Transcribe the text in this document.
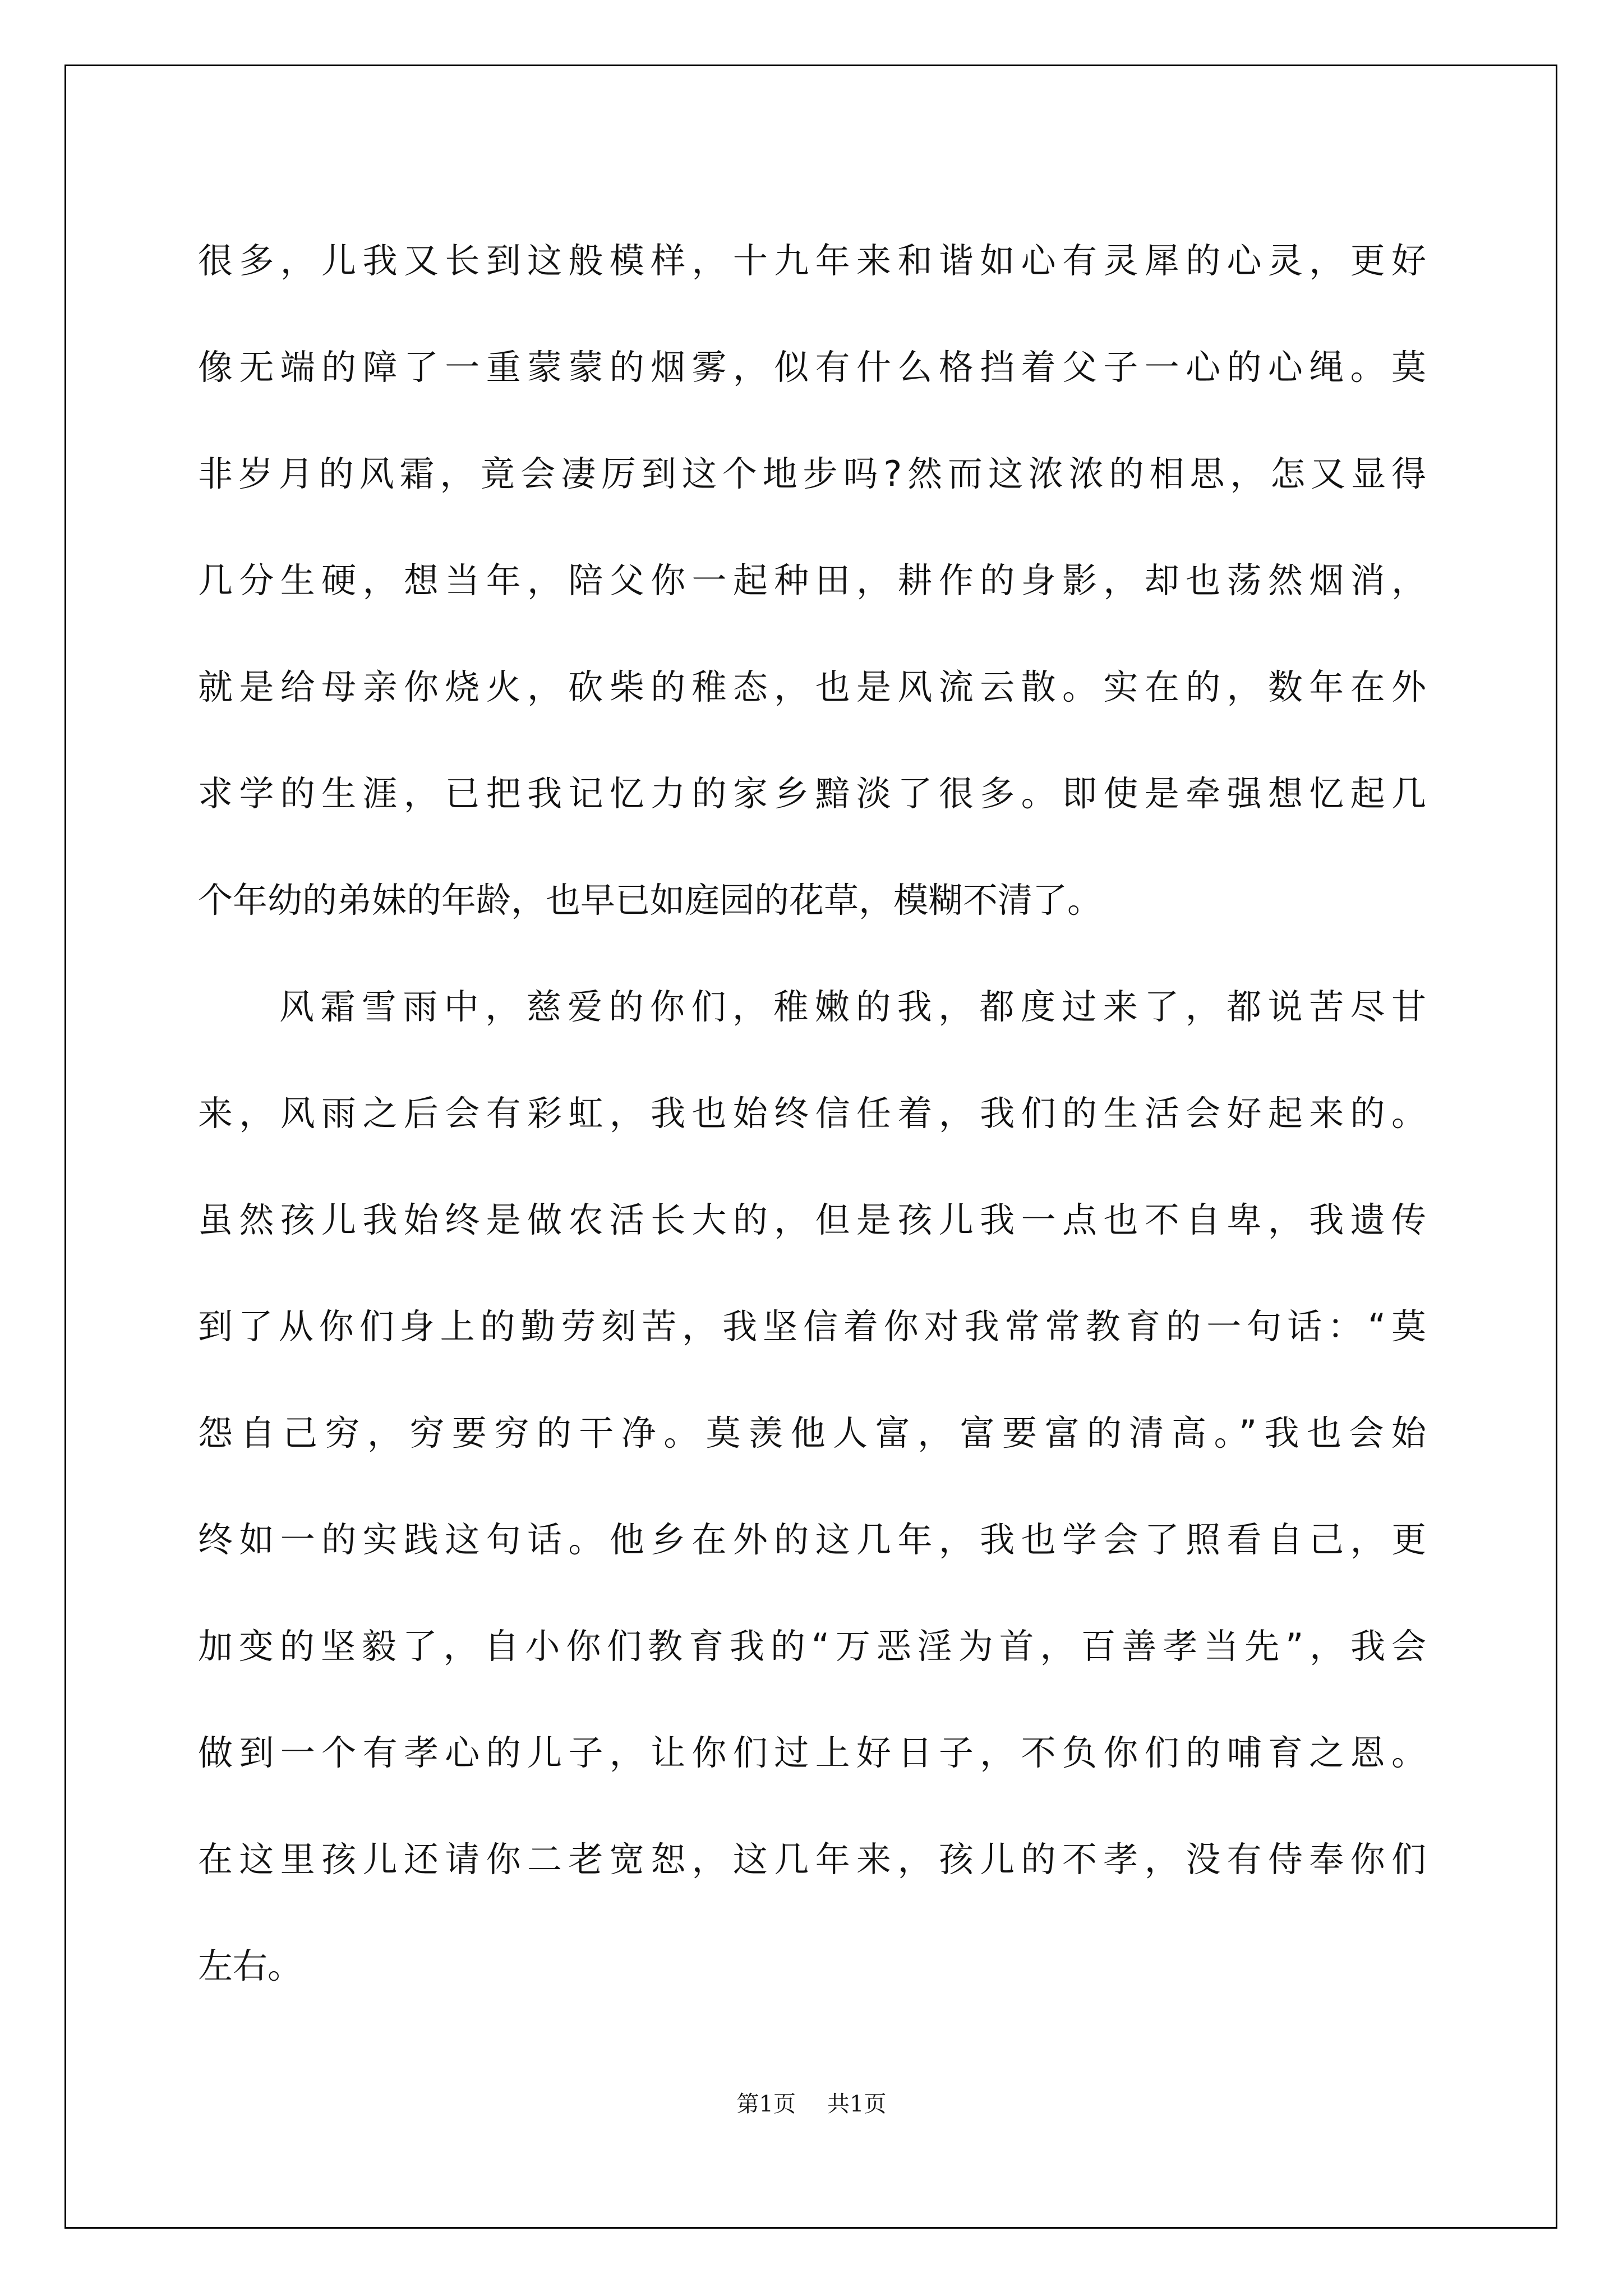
很多，儿我又长到这般模样，十九年来和谐如心有灵犀的心灵，更好
像无端的障了一重蒙蒙的烟雾，似有什么格挡着父子一心的心绳。莫
非岁月的风霜，竟会凄厉到这个地步吗?然而这浓浓的相思，怎又显得
几分生硬，想当年，陪父你一起种田，耕作的身影，却也荡然烟消，
就是给母亲你烧火，砍柴的稚态，也是风流云散。实在的，数年在外
求学的生涯，已把我记忆力的家乡黯淡了很多。即使是牵强想忆起几
个年幼的弟妹的年龄，也早已如庭园的花草，模糊不清了。
风霜雪雨中，慈爱的你们，稚嫩的我，都度过来了，都说苦尽甘
来，风雨之后会有彩虹，我也始终信任着，我们的生活会好起来的。
虽然孩儿我始终是做农活长大的，但是孩儿我一点也不自卑，我遗传
到了从你们身上的勤劳刻苦，我坚信着你对我常常教育的一句话：“莫
怨自己穷，穷要穷的干净。莫羡他人富，富要富的清高。”我也会始
终如一的实践这句话。他乡在外的这几年，我也学会了照看自己，更
加变的坚毅了，自小你们教育我的“万恶淫为首，百善孝当先”，我会
做到一个有孝心的儿子，让你们过上好日子，不负你们的哺育之恩。
在这里孩儿还请你二老宽恕，这几年来，孩儿的不孝，没有侍奉你们
左右。
第1页 共1页
